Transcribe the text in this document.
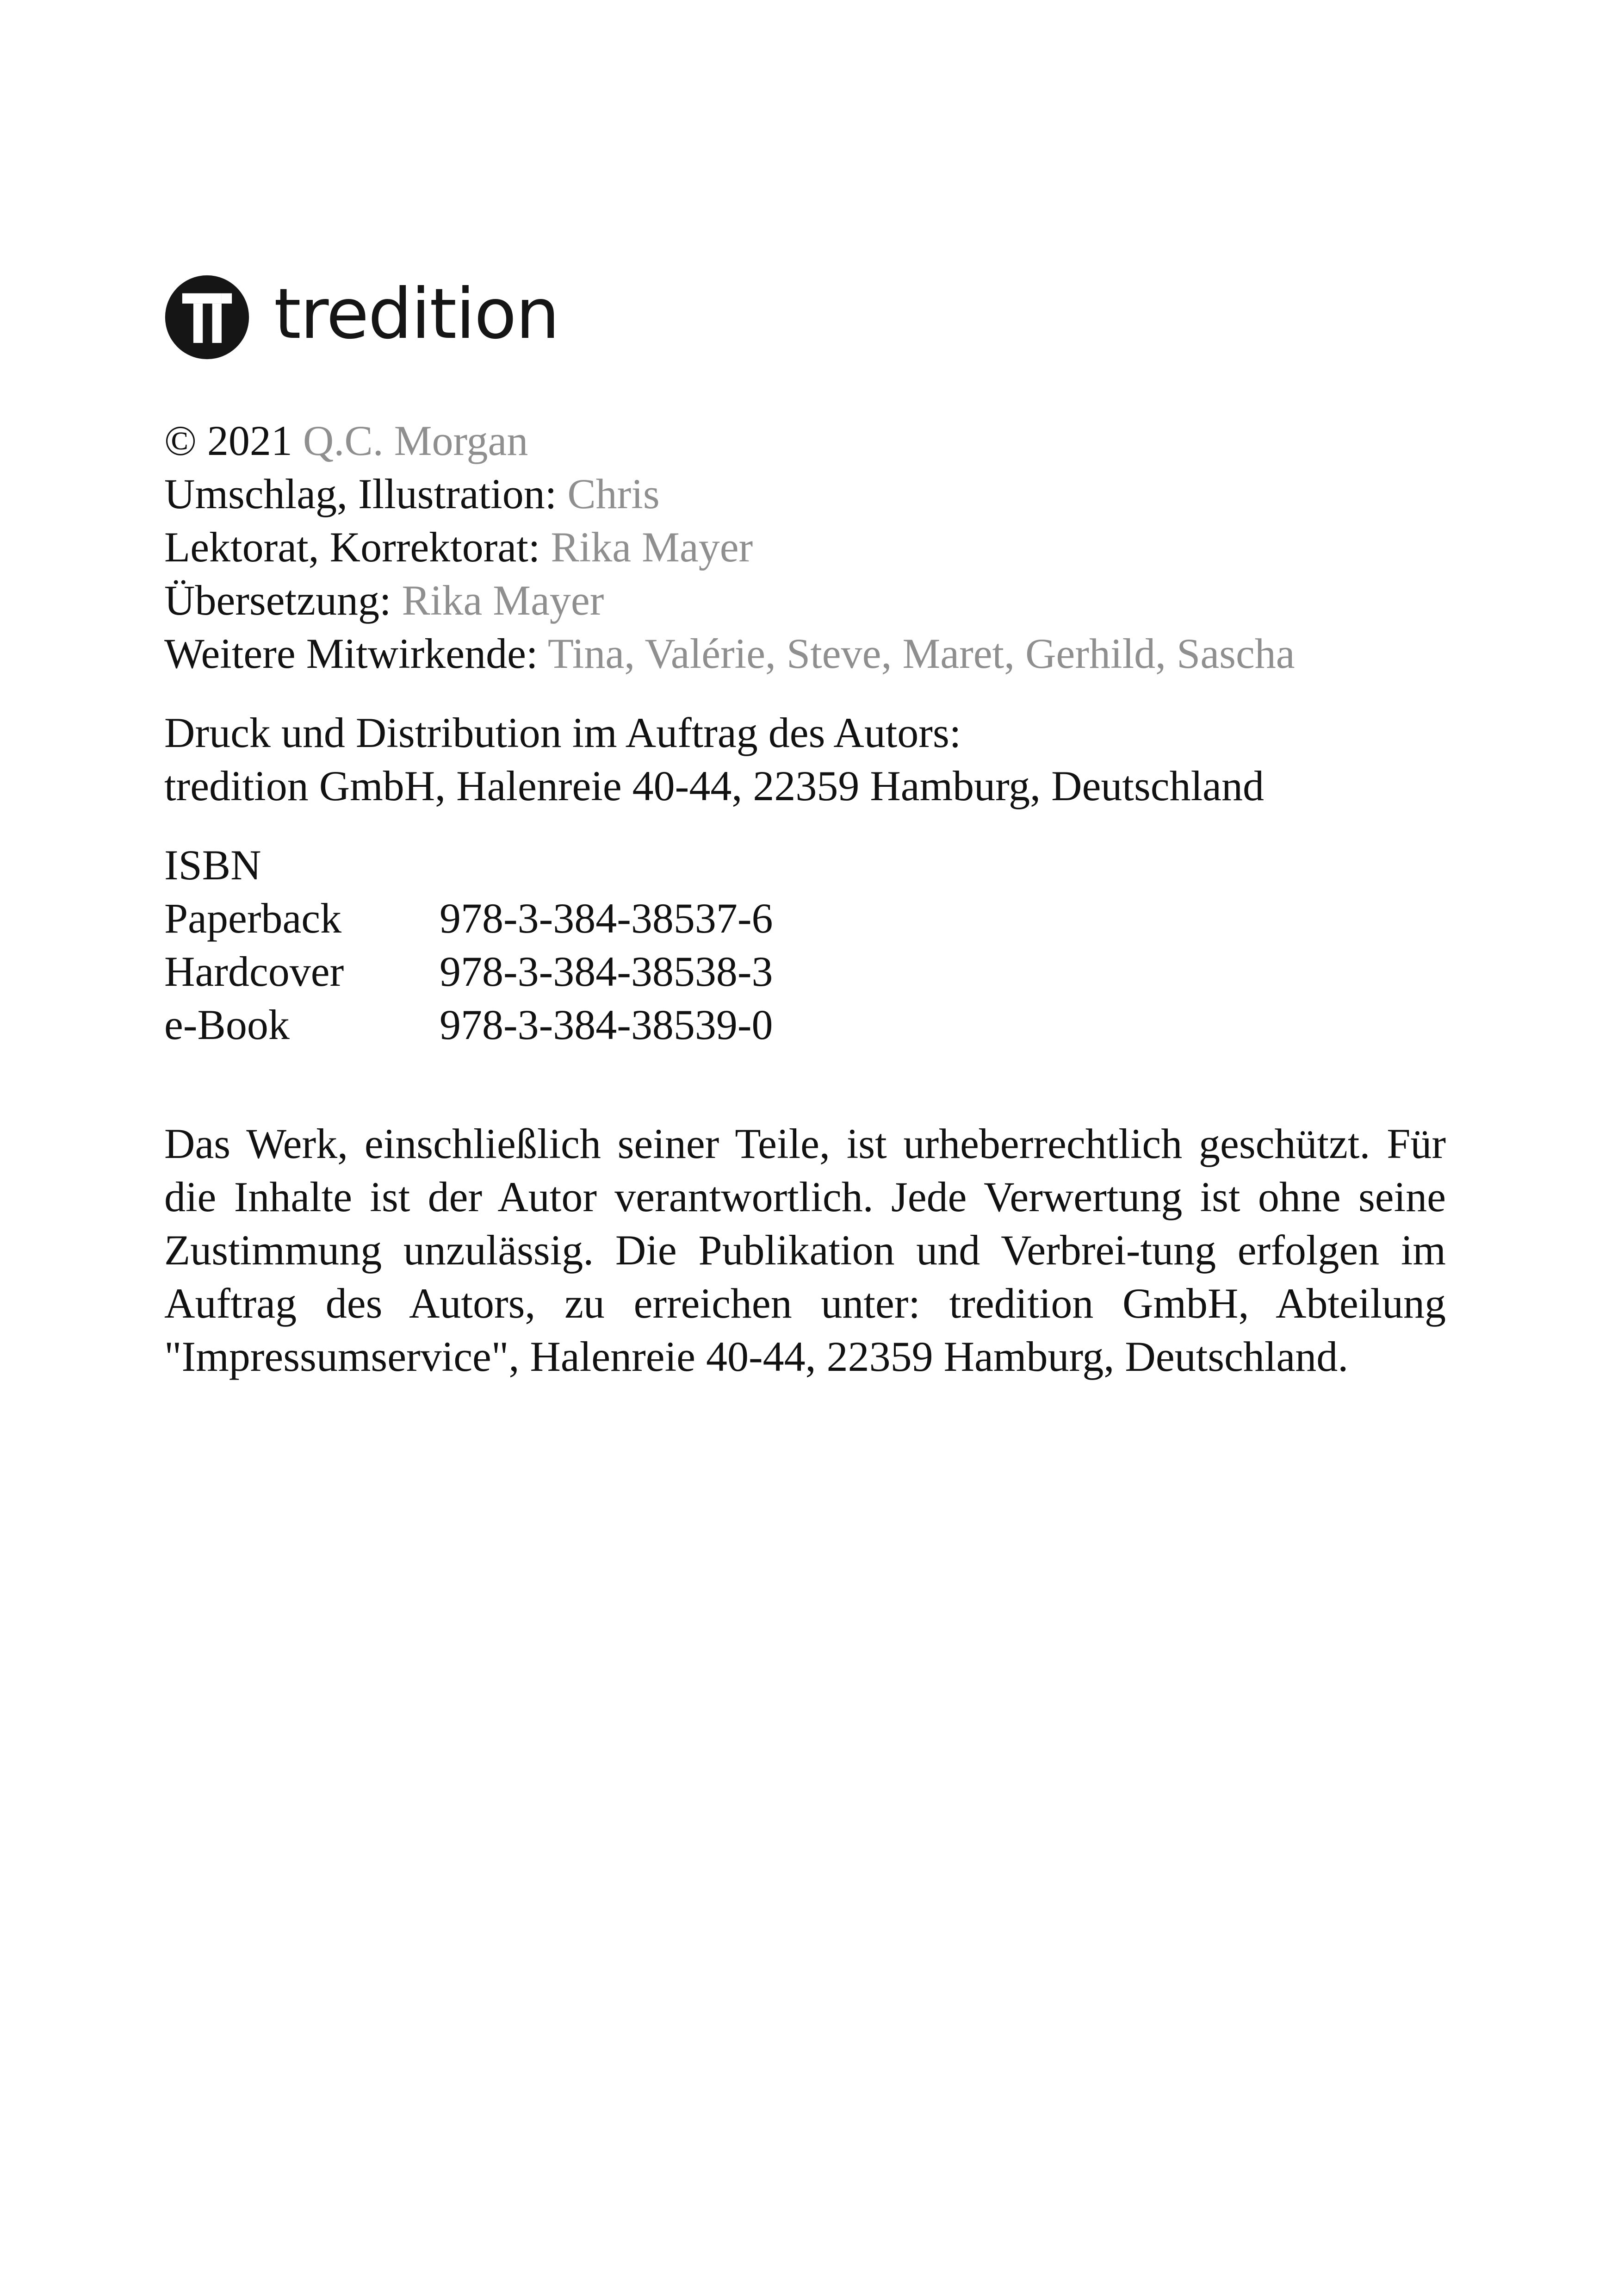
tredition
© 2021 Q.C. Morgan
Umschlag, Illustration: Chris
Lektorat, Korrektorat: Rika Mayer
Übersetzung: Rika Mayer
Weitere Mitwirkende: Tina, Valérie, Steve, Maret, Gerhild, Sascha
Druck und Distribution im Auftrag des Autors:
tredition GmbH, Halenreie 40-44, 22359 Hamburg, Deutschland
ISBN
Paperback	978-3-384-38537-6
Hardcover	978-3-384-38538-3
e-Book	978-3-384-38539-0
Das Werk, einschließlich seiner Teile, ist urheberrechtlich geschützt. Für die Inhalte ist der Autor verantwortlich. Jede Verwertung ist ohne seine Zustimmung unzulässig. Die Publikation und Verbrei-tung erfolgen im Auftrag des Autors, zu erreichen unter: tredition GmbH, Abteilung "Impressumservice", Halenreie 40-44, 22359 Hamburg, Deutschland.
